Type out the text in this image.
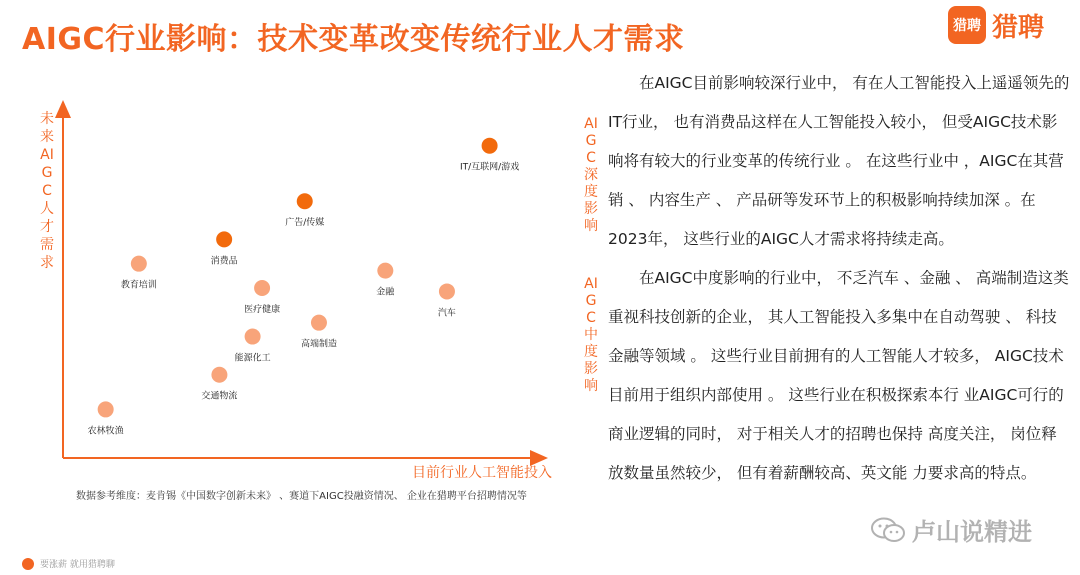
AIGC行业影响：技术变革改变传统行业人才需求	猎聘 猎聘
IT/互联网/游戏
广告/传媒
消费品
教育培训
金融
医疗健康	汽车
高端制造
能源化工
交通物流
农林牧渔
未来AIGC人才需求
目前行业人工智能投入
AIGC深度影响
AIGC中度影响
数据参考维度：麦肯锡《中国数字创新未来》 、赛道下AIGC投融资情况、 企业在猎聘平台招聘情况等
要涨薪 就用猎聘聊

在AIGC目前影响较深行业中， 有在人工智能投入上遥遥领先的IT行业， 也有消费品这样在人工智能投入较小， 但受AIGC技术影响将有较大的行业变革的传统行业 。 在这些行业中 ，AIGC在其营销 、 内容生产 、 产品研等发环节上的积极影响持续加深 。在2023年， 这些行业的AIGC人才需求将持续走高。

在AIGC中度影响的行业中， 不乏汽车 、金融 、 高端制造这类重视科技创新的企业， 其人工智能投入多集中在自动驾驶 、 科技金融等领域 。 这些行业目前拥有的人工智能人才较多， AIGC技术目前用于组织内部使用 。 这些行业在积极探索本行 业AIGC可行的商业逻辑的同时， 对于相关人才的招聘也保持 高度关注， 岗位释放数量虽然较少， 但有着薪酬较高、英文能 力要求高的特点。

卢山说精进
